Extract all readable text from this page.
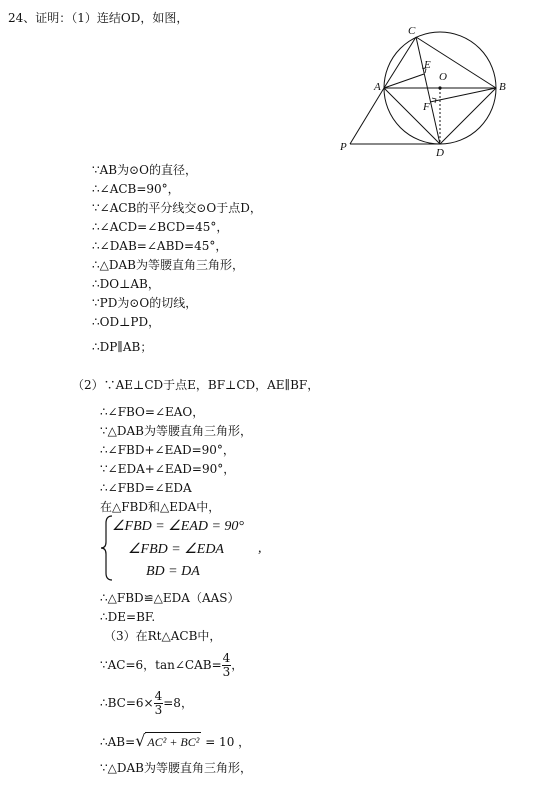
24、证明：（1）连结OD，如图，
C
E
O
A	B
F
P	D
∵AB为⊙O的直径，
∴∠ACB=90°，
∵∠ACB的平分线交⊙O于点D，
∴∠ACD=∠BCD=45°，
∴∠DAB=∠ABD=45°，
∴△DAB为等腰直角三角形，
∴DO⊥AB，
∵PD为⊙O的切线，
∴OD⊥PD，
∴DP∥AB；
（2）∵AE⊥CD于点E，BF⊥CD，AE∥BF，
∴∠FBO=∠EAO，
∵△DAB为等腰直角三角形，
∴∠FBD+∠EAD=90°，
∵∠EDA+∠EAD=90°，
∴∠FBD=∠EDA
在△FBD和△EDA中，
∠FBD = ∠EAD = 90°
∠FBD = ∠EDA ,
BD = DA
∴△FBD≌△EDA（AAS）
∴DE=BF.
（3）在Rt△ACB中，
∵AC=6，tan∠CAB= $\frac{4}{3}$ ，
∴BC=6× $\frac{4}{3} =8$，
∴AB=√ AC² + BC² = 10 ，
∵△DAB为等腰直角三角形，
